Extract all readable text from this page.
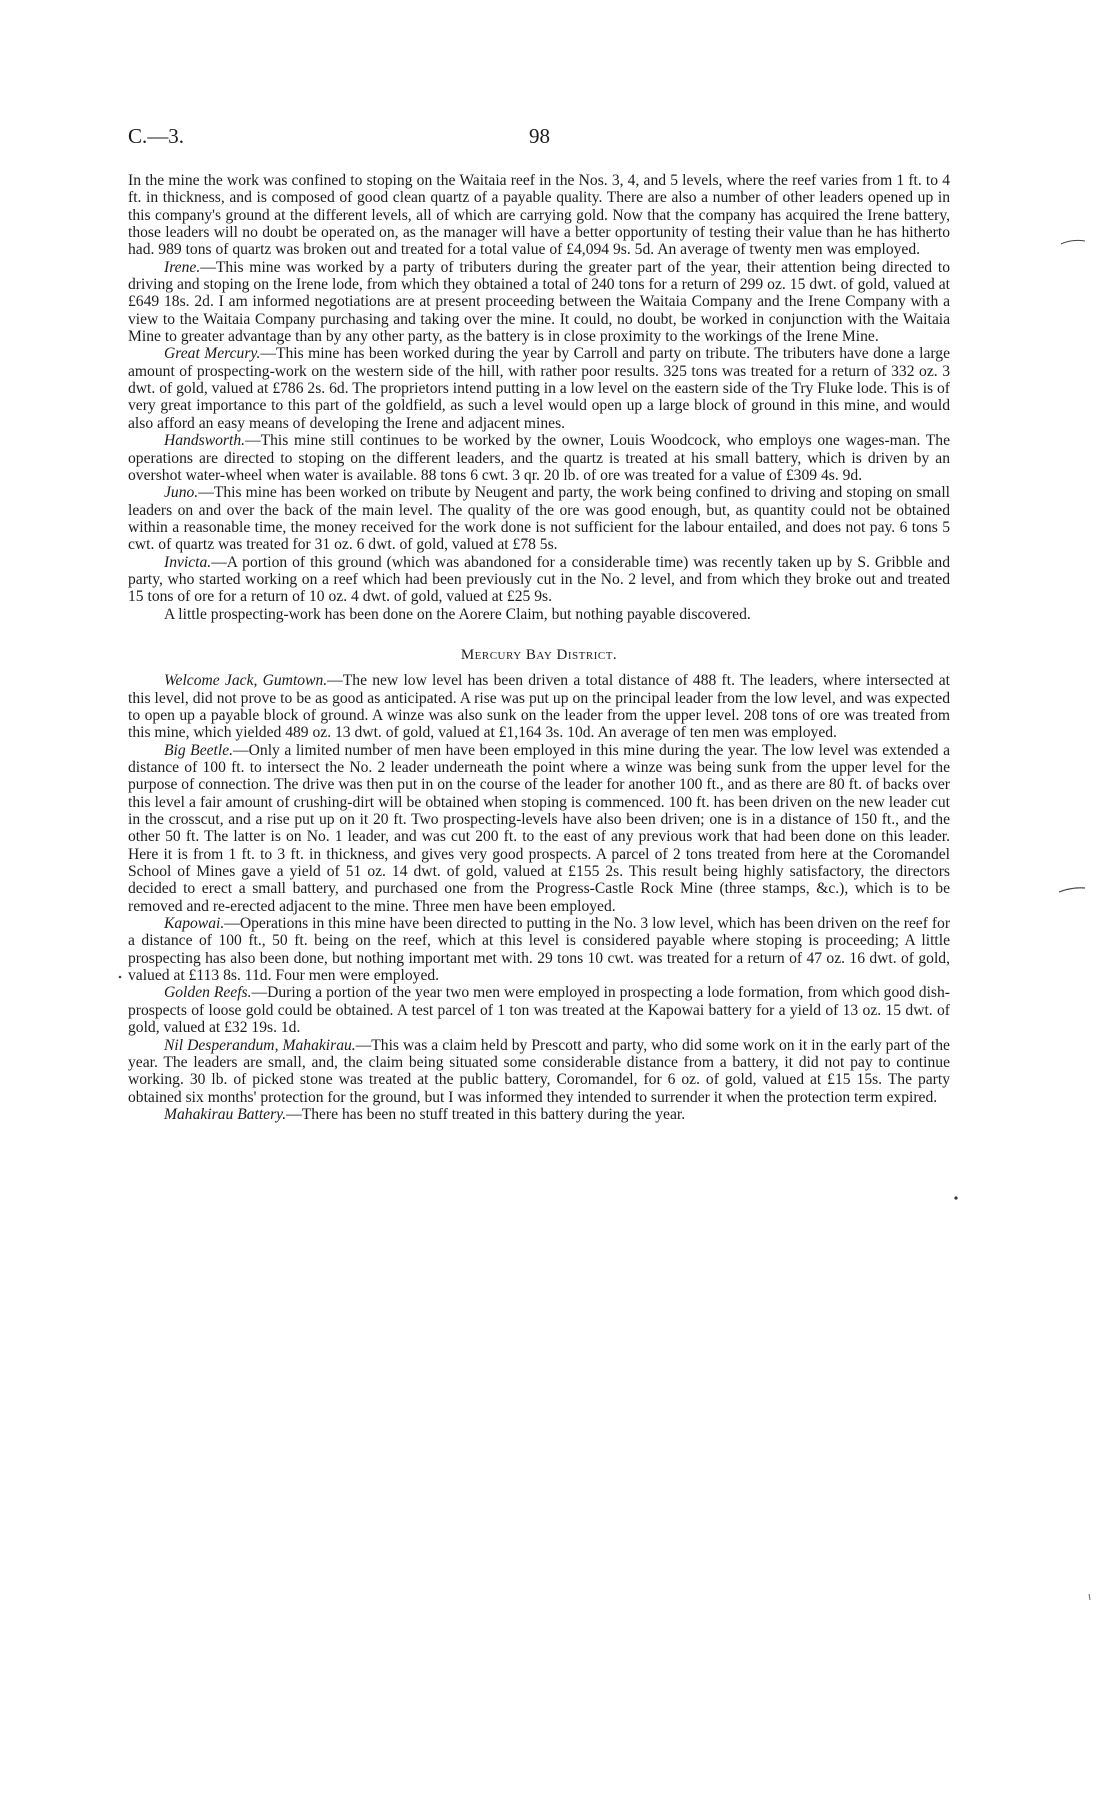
C.—3.	98

In the mine the work was confined to stoping on the Waitaia reef in the Nos. 3, 4, and 5 levels, where the reef varies from 1 ft. to 4 ft. in thickness, and is composed of good clean quartz of a payable quality. There are also a number of other leaders opened up in this company's ground at the different levels, all of which are carrying gold. Now that the company has acquired the Irene battery, those leaders will no doubt be operated on, as the manager will have a better opportunity of testing their value than he has hitherto had. 989 tons of quartz was broken out and treated for a total value of £4,094 9s. 5d. An average of twenty men was employed.

Irene.—This mine was worked by a party of tributers during the greater part of the year, their attention being directed to driving and stoping on the Irene lode, from which they obtained a total of 240 tons for a return of 299 oz. 15 dwt. of gold, valued at £649 18s. 2d. I am informed negotiations are at present proceeding between the Waitaia Company and the Irene Company with a view to the Waitaia Company purchasing and taking over the mine. It could, no doubt, be worked in conjunction with the Waitaia Mine to greater advantage than by any other party, as the battery is in close proximity to the workings of the Irene Mine.

Great Mercury.—This mine has been worked during the year by Carroll and party on tribute. The tributers have done a large amount of prospecting-work on the western side of the hill, with rather poor results. 325 tons was treated for a return of 332 oz. 3 dwt. of gold, valued at £786 2s. 6d. The proprietors intend putting in a low level on the eastern side of the Try Fluke lode. This is of very great importance to this part of the goldfield, as such a level would open up a large block of ground in this mine, and would also afford an easy means of developing the Irene and adjacent mines.

Handsworth.—This mine still continues to be worked by the owner, Louis Woodcock, who employs one wages-man. The operations are directed to stoping on the different leaders, and the quartz is treated at his small battery, which is driven by an overshot water-wheel when water is available. 88 tons 6 cwt. 3 qr. 20 lb. of ore was treated for a value of £309 4s. 9d.

Juno.—This mine has been worked on tribute by Neugent and party, the work being confined to driving and stoping on small leaders on and over the back of the main level. The quality of the ore was good enough, but, as quantity could not be obtained within a reasonable time, the money received for the work done is not sufficient for the labour entailed, and does not pay. 6 tons 5 cwt. of quartz was treated for 31 oz. 6 dwt. of gold, valued at £78 5s.

Invicta.—A portion of this ground (which was abandoned for a considerable time) was recently taken up by S. Gribble and party, who started working on a reef which had been previously cut in the No. 2 level, and from which they broke out and treated 15 tons of ore for a return of 10 oz. 4 dwt. of gold, valued at £25 9s.

A little prospecting-work has been done on the Aorere Claim, but nothing payable discovered.

Mercury Bay District.

Welcome Jack, Gumtown.—The new low level has been driven a total distance of 488 ft. The leaders, where intersected at this level, did not prove to be as good as anticipated. A rise was put up on the principal leader from the low level, and was expected to open up a payable block of ground. A winze was also sunk on the leader from the upper level. 208 tons of ore was treated from this mine, which yielded 489 oz. 13 dwt. of gold, valued at £1,164 3s. 10d. An average of ten men was employed.

Big Beetle.—Only a limited number of men have been employed in this mine during the year. The low level was extended a distance of 100 ft. to intersect the No. 2 leader underneath the point where a winze was being sunk from the upper level for the purpose of connection. The drive was then put in on the course of the leader for another 100 ft., and as there are 80 ft. of backs over this level a fair amount of crushing-dirt will be obtained when stoping is commenced. 100 ft. has been driven on the new leader cut in the crosscut, and a rise put up on it 20 ft. Two prospecting-levels have also been driven; one is in a distance of 150 ft., and the other 50 ft. The latter is on No. 1 leader, and was cut 200 ft. to the east of any previous work that had been done on this leader. Here it is from 1 ft. to 3 ft. in thickness, and gives very good prospects. A parcel of 2 tons treated from here at the Coromandel School of Mines gave a yield of 51 oz. 14 dwt. of gold, valued at £155 2s. This result being highly satisfactory, the directors decided to erect a small battery, and purchased one from the Progress-Castle Rock Mine (three stamps, &c.), which is to be removed and re-erected adjacent to the mine. Three men have been employed.

Kapowai.—Operations in this mine have been directed to putting in the No. 3 low level, which has been driven on the reef for a distance of 100 ft., 50 ft. being on the reef, which at this level is considered payable where stoping is proceeding; A little prospecting has also been done, but nothing important met with. 29 tons 10 cwt. was treated for a return of 47 oz. 16 dwt. of gold, valued at £113 8s. 11d. Four men were employed.

Golden Reefs.—During a portion of the year two men were employed in prospecting a lode formation, from which good dish-prospects of loose gold could be obtained. A test parcel of 1 ton was treated at the Kapowai battery for a yield of 13 oz. 15 dwt. of gold, valued at £32 19s. 1d.

Nil Desperandum, Mahakirau.—This was a claim held by Prescott and party, who did some work on it in the early part of the year. The leaders are small, and, the claim being situated some considerable distance from a battery, it did not pay to continue working. 30 lb. of picked stone was treated at the public battery, Coromandel, for 6 oz. of gold, valued at £15 15s. The party obtained six months' protection for the ground, but I was informed they intended to surrender it when the protection term expired.

Mahakirau Battery.—There has been no stuff treated in this battery during the year.
